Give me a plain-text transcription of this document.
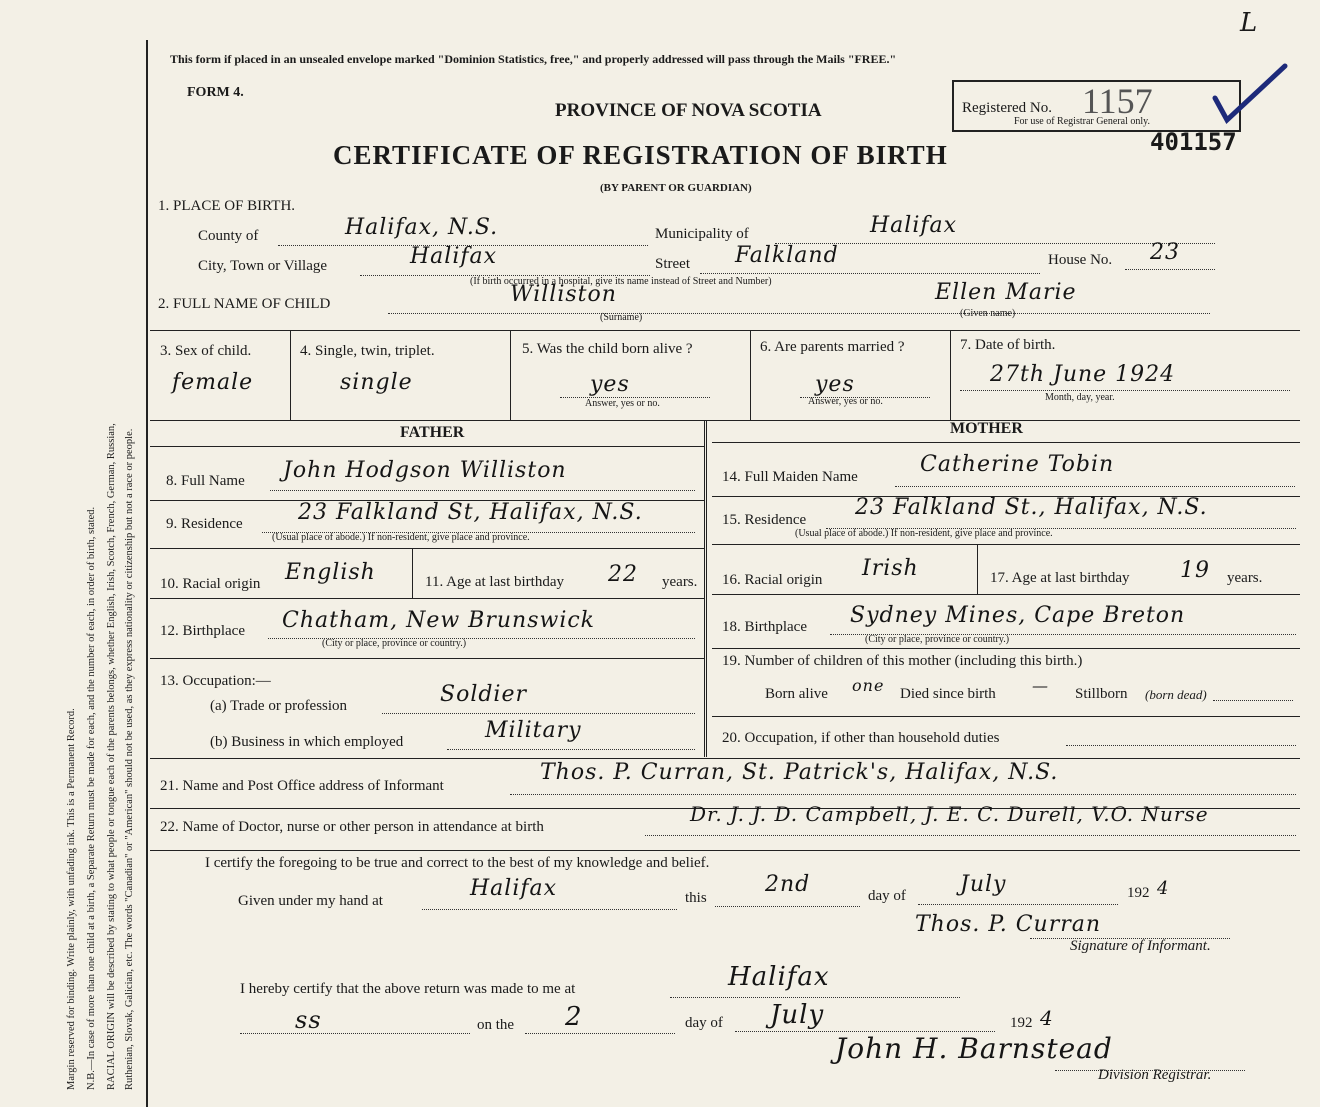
Margin reserved for binding. Write plainly, with unfading ink. This is a Permanent Record. N.B.—In case of more than one child at a birth, a Separate Return must be made for each, and the number of each, in order of birth, stated. RACIAL ORIGIN will be described by stating to what people or tongue each of the parents belongs, whether English, Irish, Scotch, French, German, Russian, Ruthenian, Slovak, Galician, etc. The words "Canadian" or "American" should not be used, as they express nationality or citizenship but not a race or people.
This form if placed in an unsealed envelope marked "Dominion Statistics, free," and properly addressed will pass through the Mails "FREE."
L
FORM 4.
PROVINCE OF NOVA SCOTIA
CERTIFICATE OF REGISTRATION OF BIRTH
(BY PARENT OR GUARDIAN)
Registered No. 1157
For use of Registrar General only.
401157
1. PLACE OF BIRTH.
County of	Halifax, N.S.	Municipality of	Halifax
City, Town or Village	Halifax	Street Falkland	House No. 23
(If birth occurred in a hospital, give its name instead of Street and Number)
2. FULL NAME OF CHILD	Williston
(Surname)
Ellen Marie
(Given name)
3. Sex of child.
female
4. Single, twin, triplet.
single
5. Was the child born alive ?
yes
Answer, yes or no.
6. Are parents married ?
yes
Answer, yes or no.
7. Date of birth.
27th June 1924
Month, day, year.
FATHER	MOTHER
8. Full Name John Hodgson Williston
9. Residence	23 Falkland St, Halifax, N.S.
(Usual place of abode.) If non-resident, give place and province.
10. Racial origin English	11. Age at last birthday 22 years.
12. Birthplace Chatham, New Brunswick
(City or place, province or country.)
13. Occupation:—
(a) Trade or profession	Soldier
(b) Business in which employed	Military
14. Full Maiden Name	Catherine Tobin
15. Residence 23 Falkland St., Halifax, N.S.
(Usual place of abode.) If non-resident, give place and province.
16. Racial origin Irish	17. Age at last birthday 19 years.
18. Birthplace Sydney Mines, Cape Breton
(City or place, province or country.)
19. Number of children of this mother (including this birth.)
Born alive one Died since birth — Stillborn (born dead)
20. Occupation, if other than household duties
21. Name and Post Office address of Informant
Thos. P. Curran, St. Patrick's, Halifax, N.S.
22. Name of Doctor, nurse or other person in attendance at birth
Dr. J. J. D. Campbell, J. E. C. Durell, V.O. Nurse
I certify the foregoing to be true and correct to the best of my knowledge and belief.
Given under my hand at	Halifax	this
2nd	day of July	192 4
Thos. P. Curran
Signature of Informant.
I hereby certify that the above return was made to me at	Halifax
ss	on the 2	day of July	192 4
John H. Barnstead
Division Registrar.
